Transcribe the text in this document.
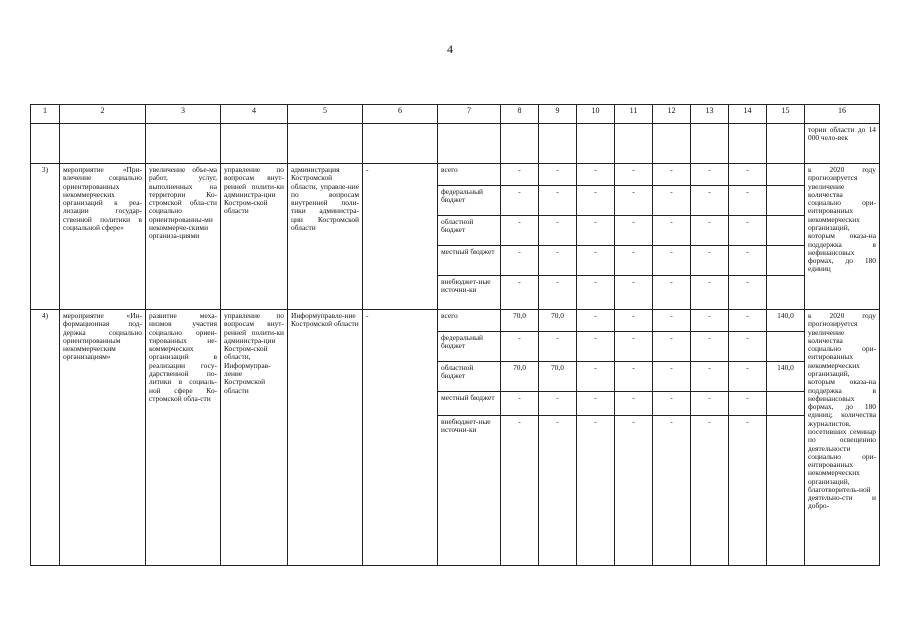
4
1	2	3	4	5	6	7	8	9	10	11	12	13	14	15	16
															тории области до 14 000 чело-век
3)	мероприятие «При-влечение социально ориентированных некоммерческих организаций к реа-лизации государ-ственной политики в социальной сфере»	увеличение объе-ма работ, услуг, выполненных на территории Ко-стромской обла-сти социально ориентированны-ми некоммерче-скими организа-циями	управление по вопросам внут-ренней полити-ки администра-ции Костром-ской области	администрация Костромской области, управле-ние по вопросам внутренней поли-тики администра-ции Костромской области	-	всего	-	-	-	-	-	-	-		к 2020 году прогнозируется увеличение количества социально ори-ентированных некоммерческих организаций, которым оказа-на поддержка в нефинансовых формах, до 180 единиц
						федеральный бюджет	-	-	-	-	-	-	-		
						областной бюджет	-	-	-	-	-	-	-		
						местный бюджет	-	-	-	-	-	-	-		
						внебюджет-ные источни-ки	-	-	-	-	-	-	-		
4)	мероприятие «Ин-формационная под-держка социально ориентированным некоммерческим организациям»	развитие меха-низмов участия социально ориен-тированных не-коммерческих организаций в реализации госу-дарственной по-литики в социаль-ной сфере Ко-стромской обла-сти	управление по вопросам внут-ренней полити-ки администра-ции Костром-ской области, Информуправ-ление Костромской области	Информуправле-ние Костромской области	-	всего	70,0	70,0	-	-	-	-	-	140,0	к 2020 году прогнозируется увеличение количества социально ори-ентированных некоммерческих организаций, которым оказа-на поддержка в нефинансовых формах, до 180 единиц; количества журналистов, посетивших семинар по освещению деятельности социально ори-ентированных некоммерческих организаций, благотворитель-ной деятельно-сти и добро-
						федеральный бюджет	-	-	-	-	-	-	-		
						областной бюджет	70,0	70,0	-	-	-	-	-	140,0	
						местный бюджет	-	-	-	-	-	-	-		
						внебюджет-ные источни-ки	-	-	-	-	-	-	-		
